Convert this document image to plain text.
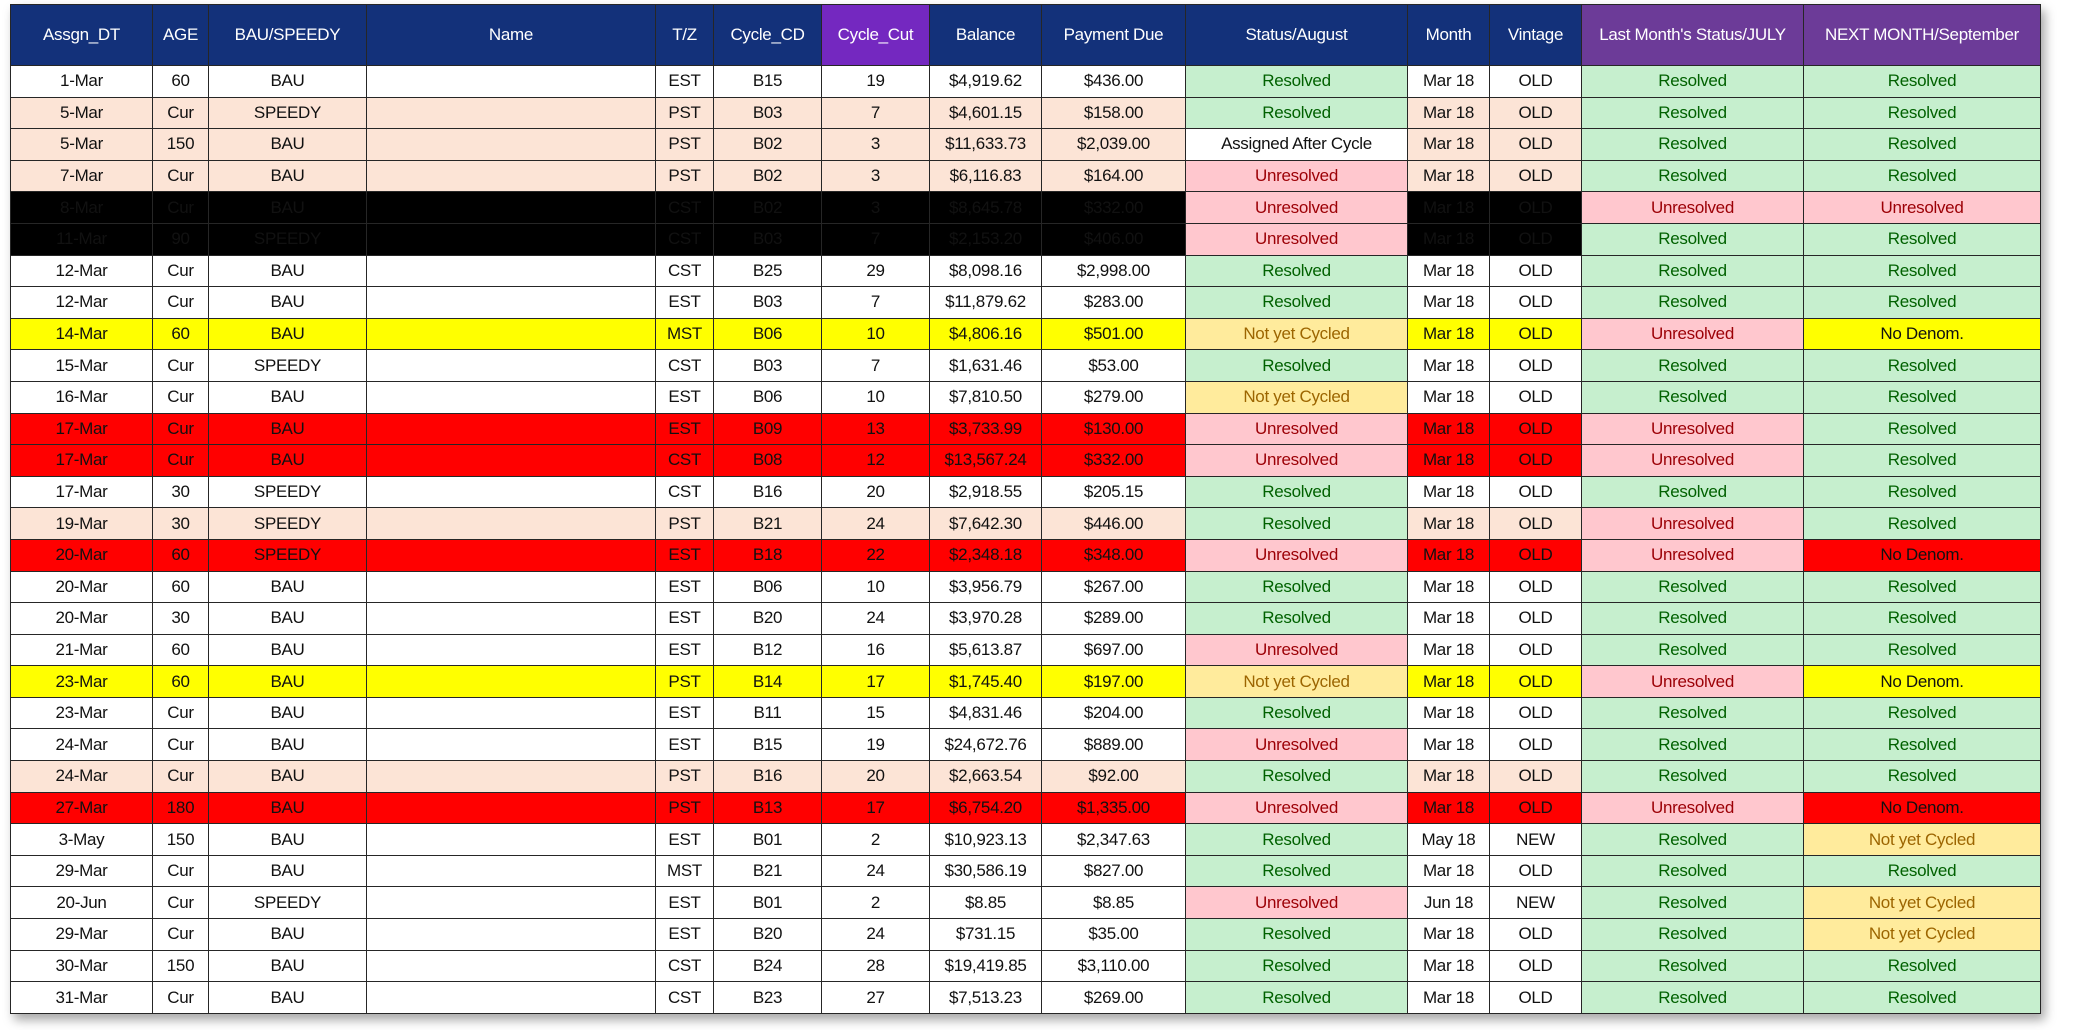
Assgn_DT	AGE	BAU/SPEEDY	Name	T/Z	Cycle_CD	Cycle_Cut	Balance	Payment Due	Status/August	Month	Vintage	Last Month's Status/JULY	NEXT MONTH/September
1-Mar	60	BAU		EST	B15	19	$4,919.62	$436.00	Resolved	Mar 18	OLD	Resolved	Resolved
5-Mar	Cur	SPEEDY		PST	B03	7	$4,601.15	$158.00	Resolved	Mar 18	OLD	Resolved	Resolved
5-Mar	150	BAU		PST	B02	3	$11,633.73	$2,039.00	Assigned After Cycle	Mar 18	OLD	Resolved	Resolved
7-Mar	Cur	BAU		PST	B02	3	$6,116.83	$164.00	Unresolved	Mar 18	OLD	Resolved	Resolved
8-Mar	Cur	BAU		CST	B02	3	$8,645.78	$332.00	Unresolved	Mar 18	OLD	Unresolved	Unresolved
11-Mar	90	SPEEDY		CST	B03	7	$2,153.20	$406.00	Unresolved	Mar 18	OLD	Resolved	Resolved
12-Mar	Cur	BAU		CST	B25	29	$8,098.16	$2,998.00	Resolved	Mar 18	OLD	Resolved	Resolved
12-Mar	Cur	BAU		EST	B03	7	$11,879.62	$283.00	Resolved	Mar 18	OLD	Resolved	Resolved
14-Mar	60	BAU		MST	B06	10	$4,806.16	$501.00	Not yet Cycled	Mar 18	OLD	Unresolved	No Denom.
15-Mar	Cur	SPEEDY		CST	B03	7	$1,631.46	$53.00	Resolved	Mar 18	OLD	Resolved	Resolved
16-Mar	Cur	BAU		EST	B06	10	$7,810.50	$279.00	Not yet Cycled	Mar 18	OLD	Resolved	Resolved
17-Mar	Cur	BAU		EST	B09	13	$3,733.99	$130.00	Unresolved	Mar 18	OLD	Unresolved	Resolved
17-Mar	Cur	BAU		CST	B08	12	$13,567.24	$332.00	Unresolved	Mar 18	OLD	Unresolved	Resolved
17-Mar	30	SPEEDY		CST	B16	20	$2,918.55	$205.15	Resolved	Mar 18	OLD	Resolved	Resolved
19-Mar	30	SPEEDY		PST	B21	24	$7,642.30	$446.00	Resolved	Mar 18	OLD	Unresolved	Resolved
20-Mar	60	SPEEDY		EST	B18	22	$2,348.18	$348.00	Unresolved	Mar 18	OLD	Unresolved	No Denom.
20-Mar	60	BAU		EST	B06	10	$3,956.79	$267.00	Resolved	Mar 18	OLD	Resolved	Resolved
20-Mar	30	BAU		EST	B20	24	$3,970.28	$289.00	Resolved	Mar 18	OLD	Resolved	Resolved
21-Mar	60	BAU		EST	B12	16	$5,613.87	$697.00	Unresolved	Mar 18	OLD	Resolved	Resolved
23-Mar	60	BAU		PST	B14	17	$1,745.40	$197.00	Not yet Cycled	Mar 18	OLD	Unresolved	No Denom.
23-Mar	Cur	BAU		EST	B11	15	$4,831.46	$204.00	Resolved	Mar 18	OLD	Resolved	Resolved
24-Mar	Cur	BAU		EST	B15	19	$24,672.76	$889.00	Unresolved	Mar 18	OLD	Resolved	Resolved
24-Mar	Cur	BAU		PST	B16	20	$2,663.54	$92.00	Resolved	Mar 18	OLD	Resolved	Resolved
27-Mar	180	BAU		PST	B13	17	$6,754.20	$1,335.00	Unresolved	Mar 18	OLD	Unresolved	No Denom.
3-May	150	BAU		EST	B01	2	$10,923.13	$2,347.63	Resolved	May 18	NEW	Resolved	Not yet Cycled
29-Mar	Cur	BAU		MST	B21	24	$30,586.19	$827.00	Resolved	Mar 18	OLD	Resolved	Resolved
20-Jun	Cur	SPEEDY		EST	B01	2	$8.85	$8.85	Unresolved	Jun 18	NEW	Resolved	Not yet Cycled
29-Mar	Cur	BAU		EST	B20	24	$731.15	$35.00	Resolved	Mar 18	OLD	Resolved	Not yet Cycled
30-Mar	150	BAU		CST	B24	28	$19,419.85	$3,110.00	Resolved	Mar 18	OLD	Resolved	Resolved
31-Mar	Cur	BAU		CST	B23	27	$7,513.23	$269.00	Resolved	Mar 18	OLD	Resolved	Resolved
